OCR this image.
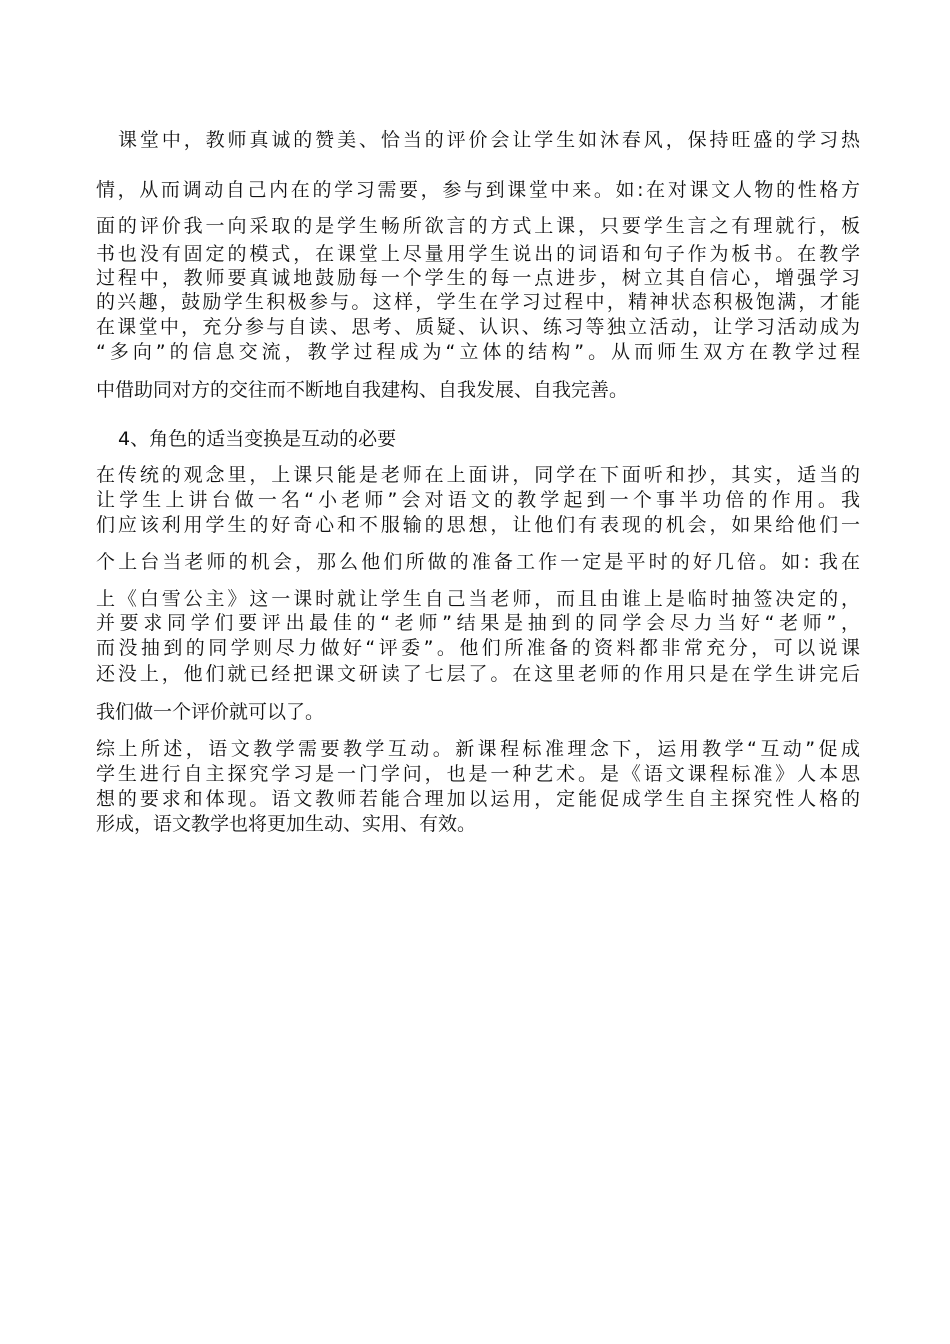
课堂中，教师真诚的赞美、恰当的评价会让学生如沐春风，保持旺盛的学习热
情，从而调动自己内在的学习需要，参与到课堂中来。如:在对课文人物的性格方
面的评价我一向采取的是学生畅所欲言的方式上课，只要学生言之有理就行，板
书也没有固定的模式，在课堂上尽量用学生说出的词语和句子作为板书。在教学
过程中，教师要真诚地鼓励每一个学生的每一点进步，树立其自信心，增强学习
的兴趣，鼓励学生积极参与。这样，学生在学习过程中，精神状态积极饱满，才能
在课堂中，充分参与自读、思考、质疑、认识、练习等独立活动，让学习活动成为
“多向”的信息交流，教学过程成为“立体的结构”。从而师生双方在教学过程
中借助同对方的交往而不断地自我建构、自我发展、自我完善。
4、角色的适当变换是互动的必要
在传统的观念里，上课只能是老师在上面讲，同学在下面听和抄，其实，适当的
让学生上讲台做一名“小老师”会对语文的教学起到一个事半功倍的作用。我
们应该利用学生的好奇心和不服输的思想，让他们有表现的机会，如果给他们一
个上台当老师的机会，那么他们所做的准备工作一定是平时的好几倍。如: 我在
上《白雪公主》这一课时就让学生自己当老师，而且由谁上是临时抽签决定的，
并要求同学们要评出最佳的“老师”结果是抽到的同学会尽力当好“老师”，
而没抽到的同学则尽力做好“评委”。他们所准备的资料都非常充分，可以说课
还没上，他们就已经把课文研读了七层了。在这里老师的作用只是在学生讲完后
我们做一个评价就可以了。
综上所述，语文教学需要教学互动。新课程标准理念下，运用教学“互动”促成
学生进行自主探究学习是一门学问，也是一种艺术。是《语文课程标准》人本思
想的要求和体现。语文教师若能合理加以运用，定能促成学生自主探究性人格的
形成，语文教学也将更加生动、实用、有效。
